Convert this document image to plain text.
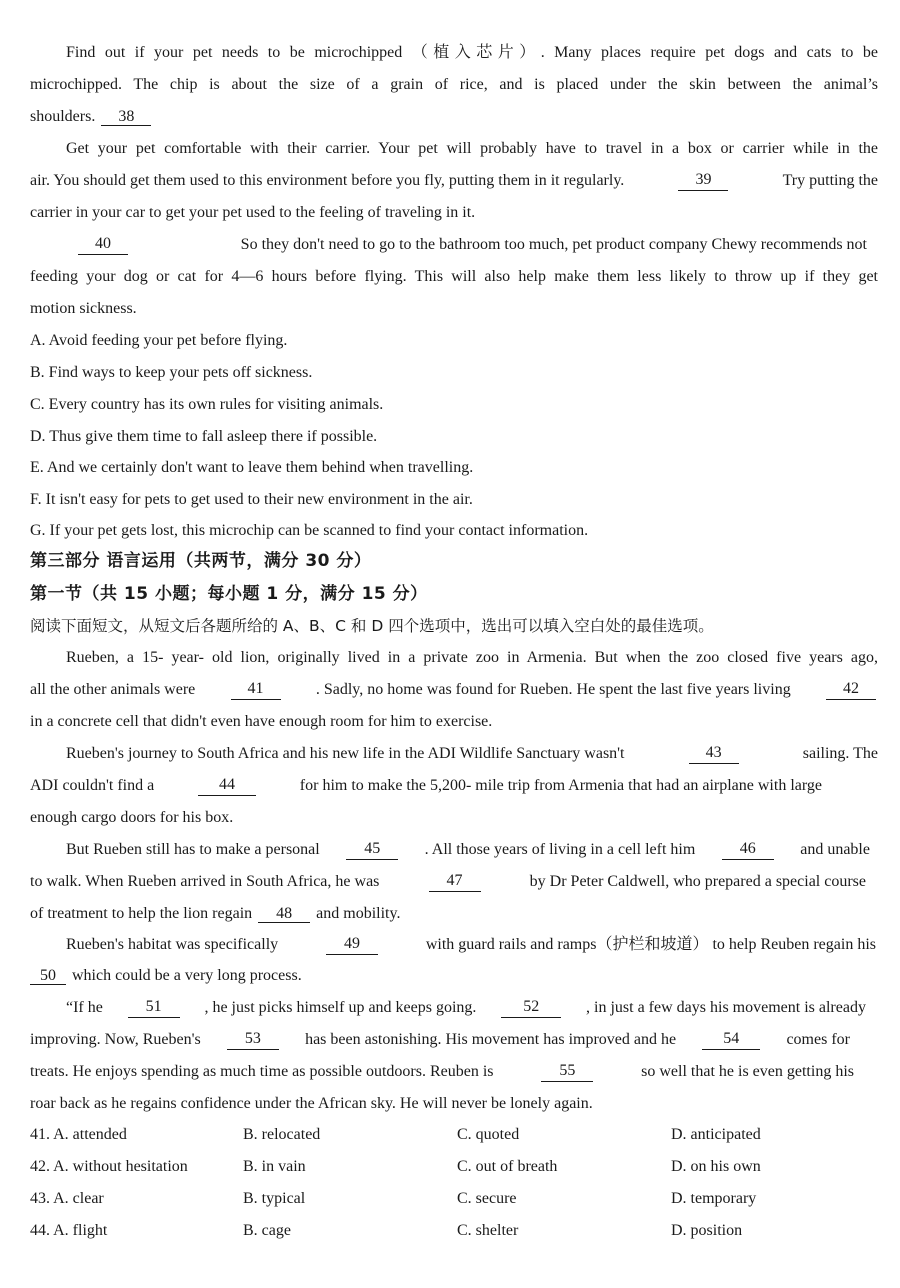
Find out if your pet needs to be microchipped （植入芯片）. Many places require pet dogs and cats to be
microchipped. The chip is about the size of a grain of rice, and is placed under the skin between the animal’s
shoulders. 38
Get your pet comfortable with their carrier. Your pet will probably have to travel in a box or carrier while in the
air. You should get them used to this environment before you fly, putting them in it regularly.	39	Try putting the
carrier in your car to get your pet used to the feeling of traveling in it.
40	So they don't need to go to the bathroom too much, pet product company Chewy recommends not
feeding your dog or cat for 4—6 hours before flying. This will also help make them less likely to throw up if they get
motion sickness.
A. Avoid feeding your pet before flying.
B. Find ways to keep your pets off sickness.
C. Every country has its own rules for visiting animals.
D. Thus give them time to fall asleep there if possible.
E. And we certainly don't want to leave them behind when travelling.
F. It isn't easy for pets to get used to their new environment in the air.
G. If your pet gets lost, this microchip can be scanned to find your contact information.
第三部分 语言运用（共两节，满分 30 分）
第一节（共 15 小题；每小题 1 分，满分 15 分）
阅读下面短文，从短文后各题所给的 A、B、C 和 D 四个选项中，选出可以填入空白处的最佳选项。
Rueben, a 15- year- old lion, originally lived in a private zoo in Armenia. But when the zoo closed five years ago,
all the other animals were	41	. Sadly, no home was found for Rueben. He spent the last five years living	42
in a concrete cell that didn't even have enough room for him to exercise.
Rueben's journey to South Africa and his new life in the ADI Wildlife Sanctuary wasn't	43	sailing. The
ADI couldn't find a	44	for him to make the 5,200- mile trip from Armenia that had an airplane with large
enough cargo doors for his box.
But Rueben still has to make a personal	45	. All those years of living in a cell left him	46	and unable
to walk. When Rueben arrived in South Africa, he was	47	by Dr Peter Caldwell, who prepared a special course
of treatment to help the lion regain 48 and mobility.
Rueben's habitat was specifically	49	with guard rails and ramps（护栏和坡道） to help Reuben regain his
50 which could be a very long process.
“If he	51	, he just picks himself up and keeps going.	52	, in just a few days his movement is already
improving. Now, Rueben's	53	has been astonishing. His movement has improved and he	54	comes for
treats. He enjoys spending as much time as possible outdoors. Reuben is	55	so well that he is even getting his
roar back as he regains confidence under the African sky. He will never be lonely again.
41. A. attended	B. relocated	C. quoted	D. anticipated
42. A. without hesitation	B. in vain	C. out of breath	D. on his own
43. A. clear	B. typical	C. secure	D. temporary
44. A. flight	B. cage	C. shelter	D. position
